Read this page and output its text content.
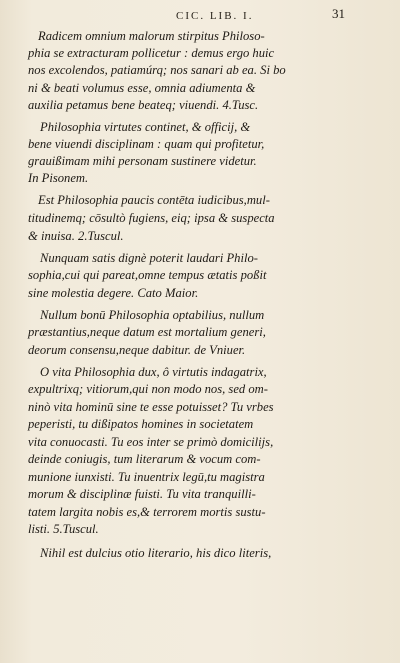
CIC. LIB. I.	31
Radicem omnium malorum stirpitus Philoso-
phia se extracturam pollicetur : demus ergo huic
nos excolendos, patiamúrq; nos sanari ab ea. Si bo
ni & beati volumus esse, omnia adiumenta &
auxilia petamus bene beateq; viuendi. 4.Tusc.
Philosophia virtutes continet, & officij, &
bene viuendi disciplinam : quam qui profitetur,
grauißimam mihi personam sustinere videtur.
In Pisonem.
Est Philosophia paucis contēta iudicibus,mul-
titudinemq; cōsultò fugiens, eiq; ipsa & suspecta
& inuisa. 2.Tuscul.
Nunquam satis dignè poterit laudari Philo-
sophia,cui qui pareat,omne tempus ætatis poßit
sine molestia degere. Cato Maior.
Nullum bonū Philosophia optabilius, nullum
præstantius,neque datum est mortalium generi,
deorum consensu,neque dabitur. de Vniuer.
O vita Philosophia dux, ô virtutis indagatrix,
expultrixq; vitiorum,qui non modo nos, sed om-
ninò vita hominū sine te esse potuisset? Tu vrbes
peperisti, tu dißipatos homines in societatem
vita conuocasti. Tu eos inter se primò domicilijs,
deinde coniugis, tum literarum & vocum com-
munione iunxisti. Tu inuentrix legū,tu magistra
morum & disciplinæ fuisti. Tu vita tranquilli-
tatem largita nobis es,& terrorem mortis sustu-
listi. 5.Tuscul.
Nihil est dulcius otio literario, his dico literis,
